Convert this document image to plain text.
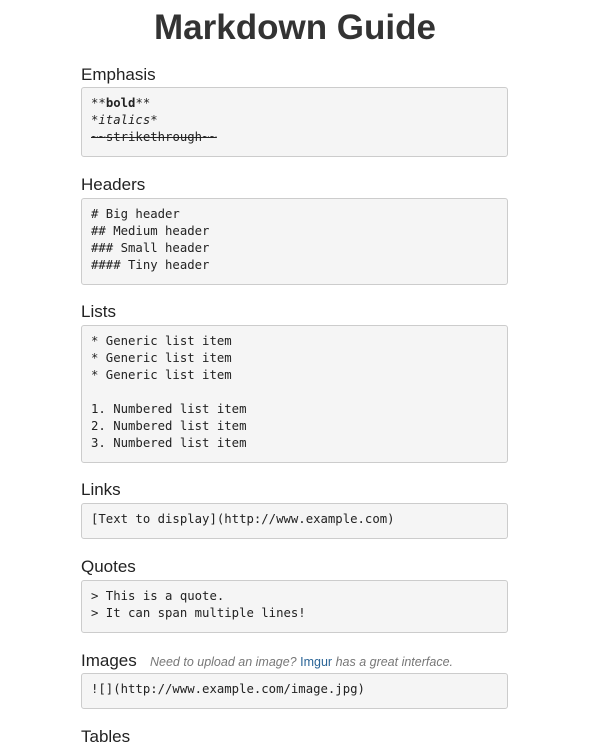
Markdown Guide
Emphasis
**bold**
*italics*
~~strikethrough~~
Headers
# Big header
## Medium header
### Small header
#### Tiny header
Lists
* Generic list item
* Generic list item
* Generic list item
1. Numbered list item
2. Numbered list item
3. Numbered list item
Links
[Text to display](http://www.example.com)
Quotes
> This is a quote.
> It can span multiple lines!
Images Need to upload an image? Imgur has a great interface.
![](http://www.example.com/image.jpg)
Tables
